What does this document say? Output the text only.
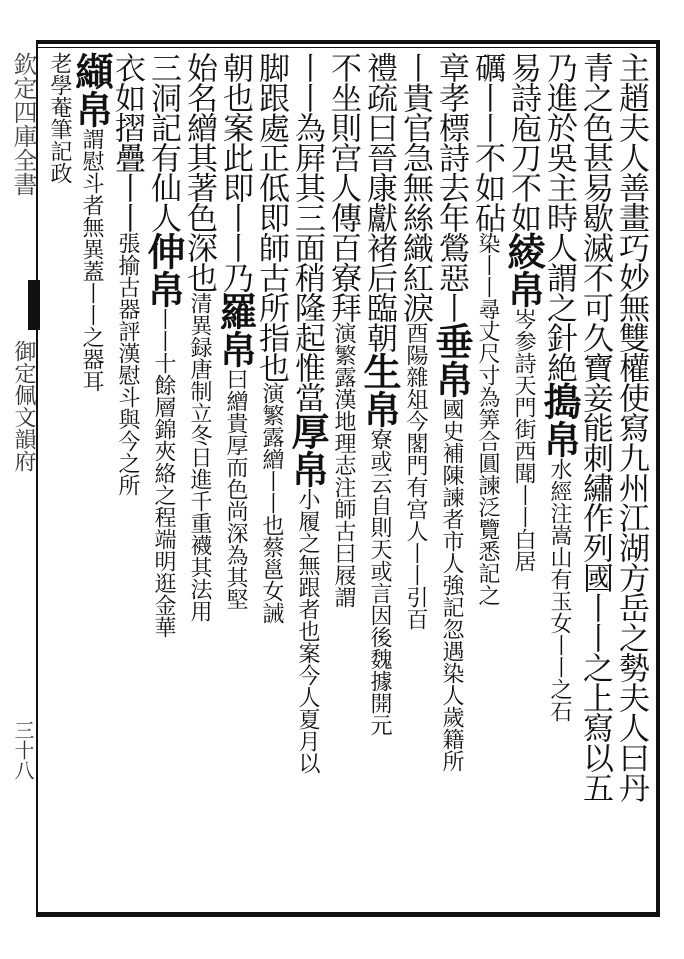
欽定四庫全書
御定佩文韻府
三十八	主趙夫人善畫巧妙無雙權使寫九州江湖方岳之勢夫人曰丹
青之色甚易歇滅不可久寶妾能刺繡作列國丨丨之上寫以五
乃進於吳主時人謂之針絶搗帛水經注嵩山有玉女丨丨之石
易詩庖刀不如綾帛岑参詩天門街西聞丨丨白居
礪丨丨不如砧染丨丨尋丈尺寸為筭合圓諫泛覽悉記之
章孝標詩去年鶯惡丨垂帛國史補陳諫者市人強記忽遇染人歲籍所
丨貴官急無絲織紅淚酉陽雜俎今閣門有宫人丨丨引百
禮疏曰晉康獻褚后臨朝生帛寮或云自則天或言因後魏據開元
不坐則宫人傳百寮拜演繁露漢地理志注師古曰屐謂
丨丨為屛其三面稍隆起惟當厚帛小履之無跟者也案今人夏月以
脚跟處正低即師古所指也演繁露繒丨丨也蔡邕女誡
朝也案此即丨丨乃羅帛曰繒貴厚而色尚深為其堅
始名繒其著色深也清異録唐制立冬日進千重襪其法用
三洞記有仙人伸帛丨丨十餘層錦夾絡之程端明逛金華
衣如摺疊丨丨張揄古器評漢慰斗與今之所
纈帛謂慰斗者無異蓋丨丨之器耳
老學菴筆記政
